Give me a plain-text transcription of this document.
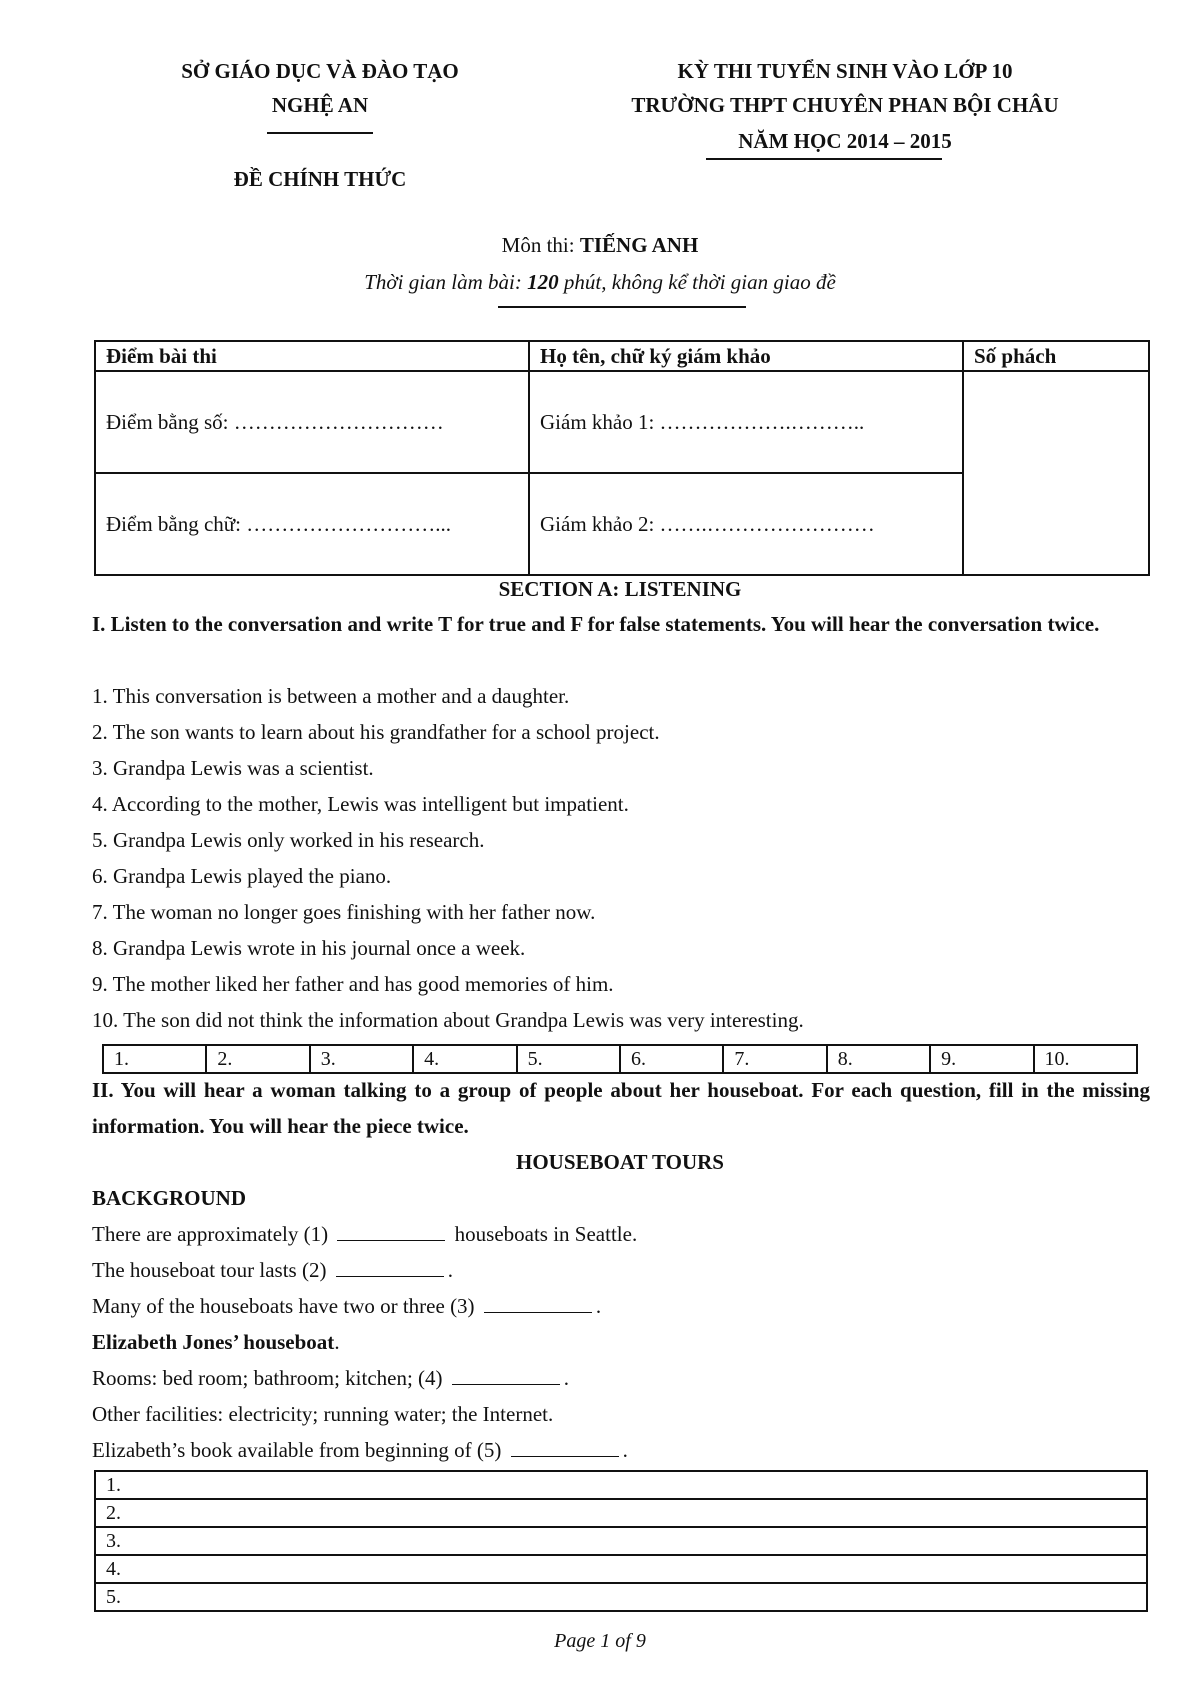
SỞ GIÁO DỤC VÀ ĐÀO TẠO
NGHỆ AN
ĐỀ CHÍNH THỨC
KỲ THI TUYỂN SINH VÀO LỚP 10
TRƯỜNG THPT CHUYÊN PHAN BỘI CHÂU
NĂM HỌC 2014 – 2015
Môn thi: TIẾNG ANH
Thời gian làm bài: 120 phút, không kể thời gian giao đề
Điểm bài thi	Họ tên, chữ ký giám khảo	Số phách
Điểm bằng số: …………………………	Giám khảo 1: ……………….………..	
Điểm bằng chữ: ………………………...	Giám khảo 2: …….……………………	
SECTION A: LISTENING
I. Listen to the conversation and write T for true and F for false statements. You will hear the conversation twice.
1. This conversation is between a mother and a daughter.
2. The son wants to learn about his grandfather for a school project.
3. Grandpa Lewis was a scientist.
4. According to the mother, Lewis was intelligent but impatient.
5. Grandpa Lewis only worked in his research.
6. Grandpa Lewis played the piano.
7. The woman no longer goes finishing with her father now.
8. Grandpa Lewis wrote in his journal once a week.
9. The mother liked her father and has good memories of him.
10. The son did not think the information about Grandpa Lewis was very interesting.
1.	2.	3.	4.	5.	6.	7.	8.	9.	10.
II. You will hear a woman talking to a group of people about her houseboat. For each question, fill in the missing information. You will hear the piece twice.
HOUSEBOAT TOURS
BACKGROUND
There are approximately (1)	houseboats in Seattle.
The houseboat tour lasts (2)	.
Many of the houseboats have two or three (3)	.
Elizabeth Jones’ houseboat.
Rooms: bed room; bathroom; kitchen; (4)	.
Other facilities: electricity; running water; the Internet.
Elizabeth’s book available from beginning of (5)	.
1.
2.
3.
4.
5.
Page 1 of 9
